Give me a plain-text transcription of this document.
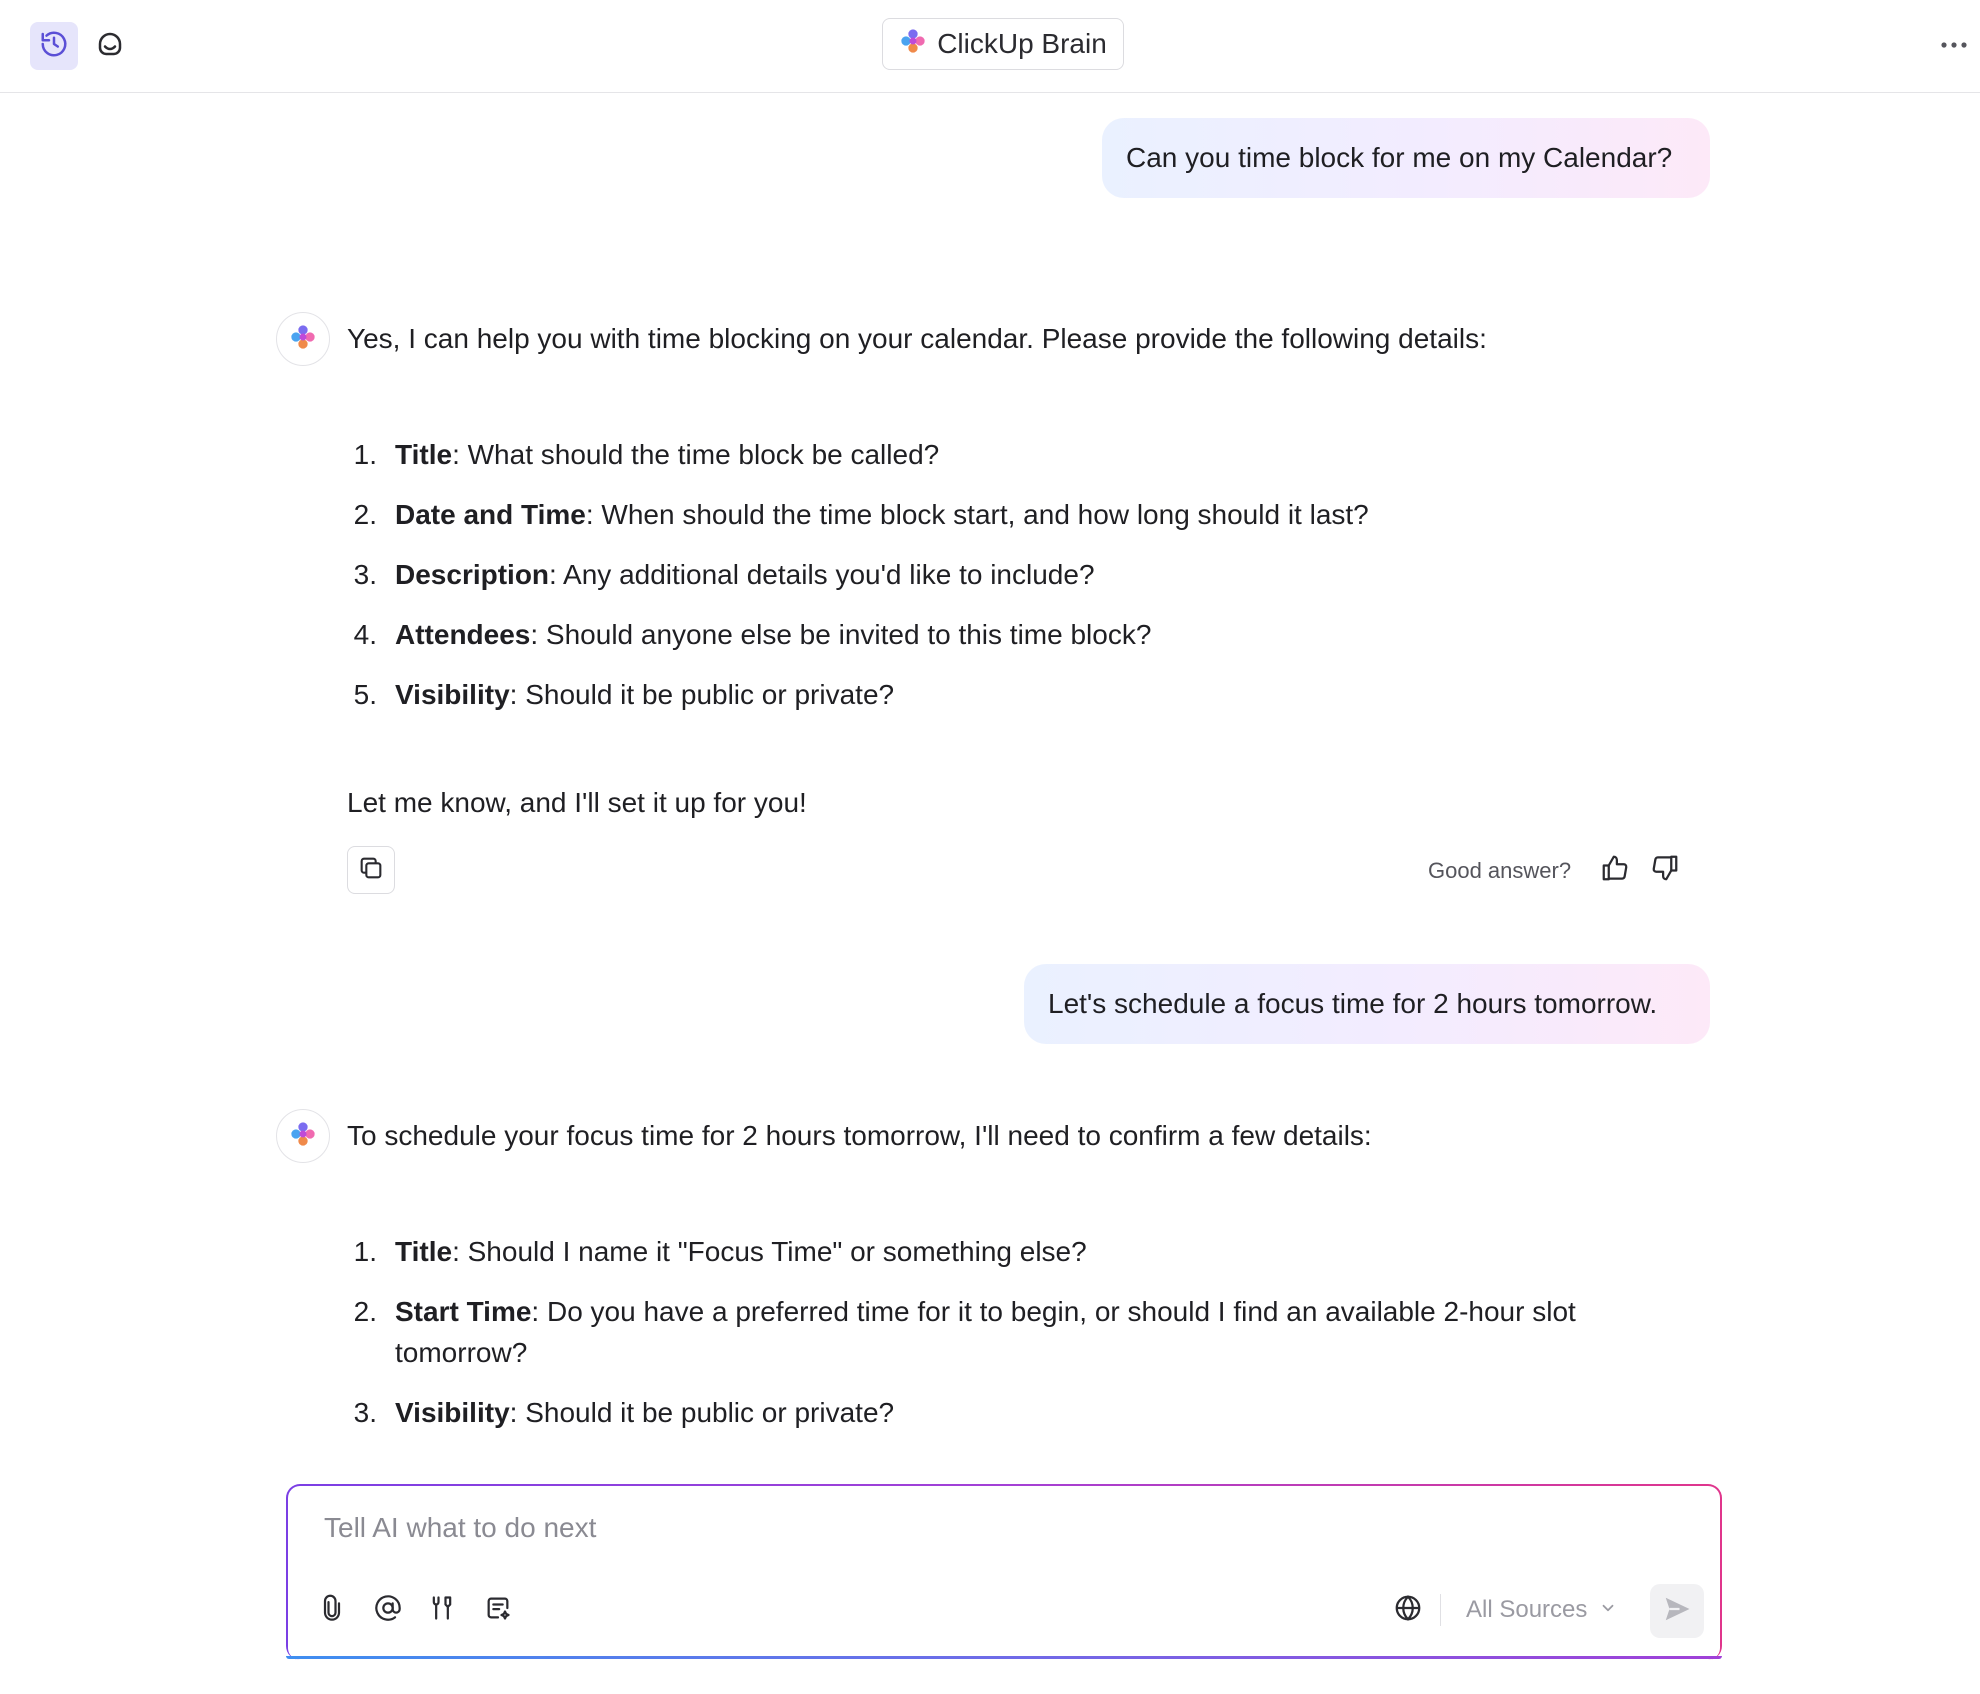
ClickUp Brain
Can you time block for me on my Calendar?
Yes, I can help you with time blocking on your calendar. Please provide the following details:
1. Title: What should the time block be called?
2. Date and Time: When should the time block start, and how long should it last?
3. Description: Any additional details you'd like to include?
4. Attendees: Should anyone else be invited to this time block?
5. Visibility: Should it be public or private?
Let me know, and I'll set it up for you!
Good answer?
Let's schedule a focus time for 2 hours tomorrow.
To schedule your focus time for 2 hours tomorrow, I'll need to confirm a few details:
1. Title: Should I name it "Focus Time" or something else?
2. Start Time: Do you have a preferred time for it to begin, or should I find an available 2-hour slot tomorrow?
3. Visibility: Should it be public or private?
Tell AI what to do next
All Sources
